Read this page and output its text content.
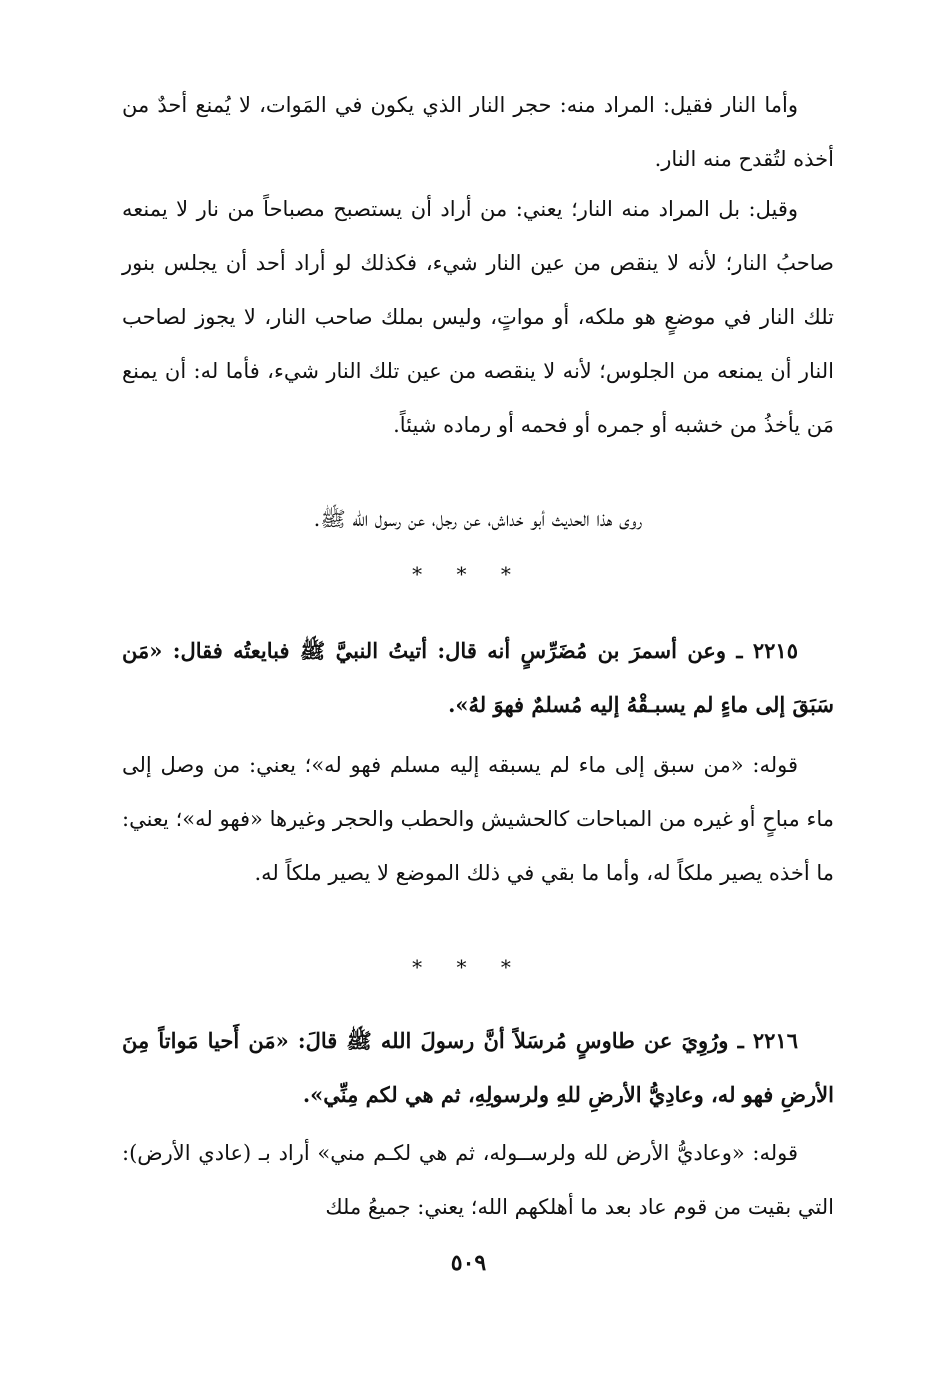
وأما النار فقيل: المراد منه: حجر النار الذي يكون في المَوات، لا يُمنع أحدٌ من أخذه لتُقدح منه النار.

وقيل: بل المراد منه النار؛ يعني: من أراد أن يستصبح مصباحاً من نار لا يمنعه صاحبُ النار؛ لأنه لا ينقص من عين النار شيء، فكذلك لو أراد أحد أن يجلس بنور تلك النار في موضعٍ هو ملكه، أو مواتٍ، وليس بملك صاحب النار، لا يجوز لصاحب النار أن يمنعه من الجلوس؛ لأنه لا ينقصه من عين تلك النار شيء، فأما له: أن يمنع مَن يأخذُ من خشبه أو جمره أو فحمه أو رماده شيئاً.

روى هذا الحديث أبو خداش، عن رجل، عن رسول الله ﷺ.

* * *

٢٢١٥ ـ وعن أسمرَ بن مُضَرِّسٍ أنه قال: أتيتُ النبيَّ ﷺ فبايعتُه فقال: «مَن سَبَقَ إلى ماءٍ لم يسبـقْهُ إليه مُسلمٌ فهوَ لهُ».

قوله: «من سبق إلى ماء لم يسبقه إليه مسلم فهو له»؛ يعني: من وصل إلى ماء مباحٍ أو غيره من المباحات كالحشيش والحطب والحجر وغيرها «فهو له»؛ يعني: ما أخذه يصير ملكاً له، وأما ما بقي في ذلك الموضع لا يصير ملكاً له.

* * *

٢٢١٦ ـ ورُوِيَ عن طاوسٍ مُرسَلاً أنَّ رسولَ الله ﷺ قالَ: «مَن أَحيا مَواتاً مِنَ الأرضِ فهو له، وعادِيُّ الأرضِ للهِ ولرسولِهِ، ثم هي لكم مِنِّي».

قوله: «وعاديُّ الأرض لله ولرســوله، ثم هي لكـم مني» أراد بـ (عادي الأرض): التي بقيت من قوم عاد بعد ما أهلكهم الله؛ يعني: جميعُ ملك

٥٠٩
